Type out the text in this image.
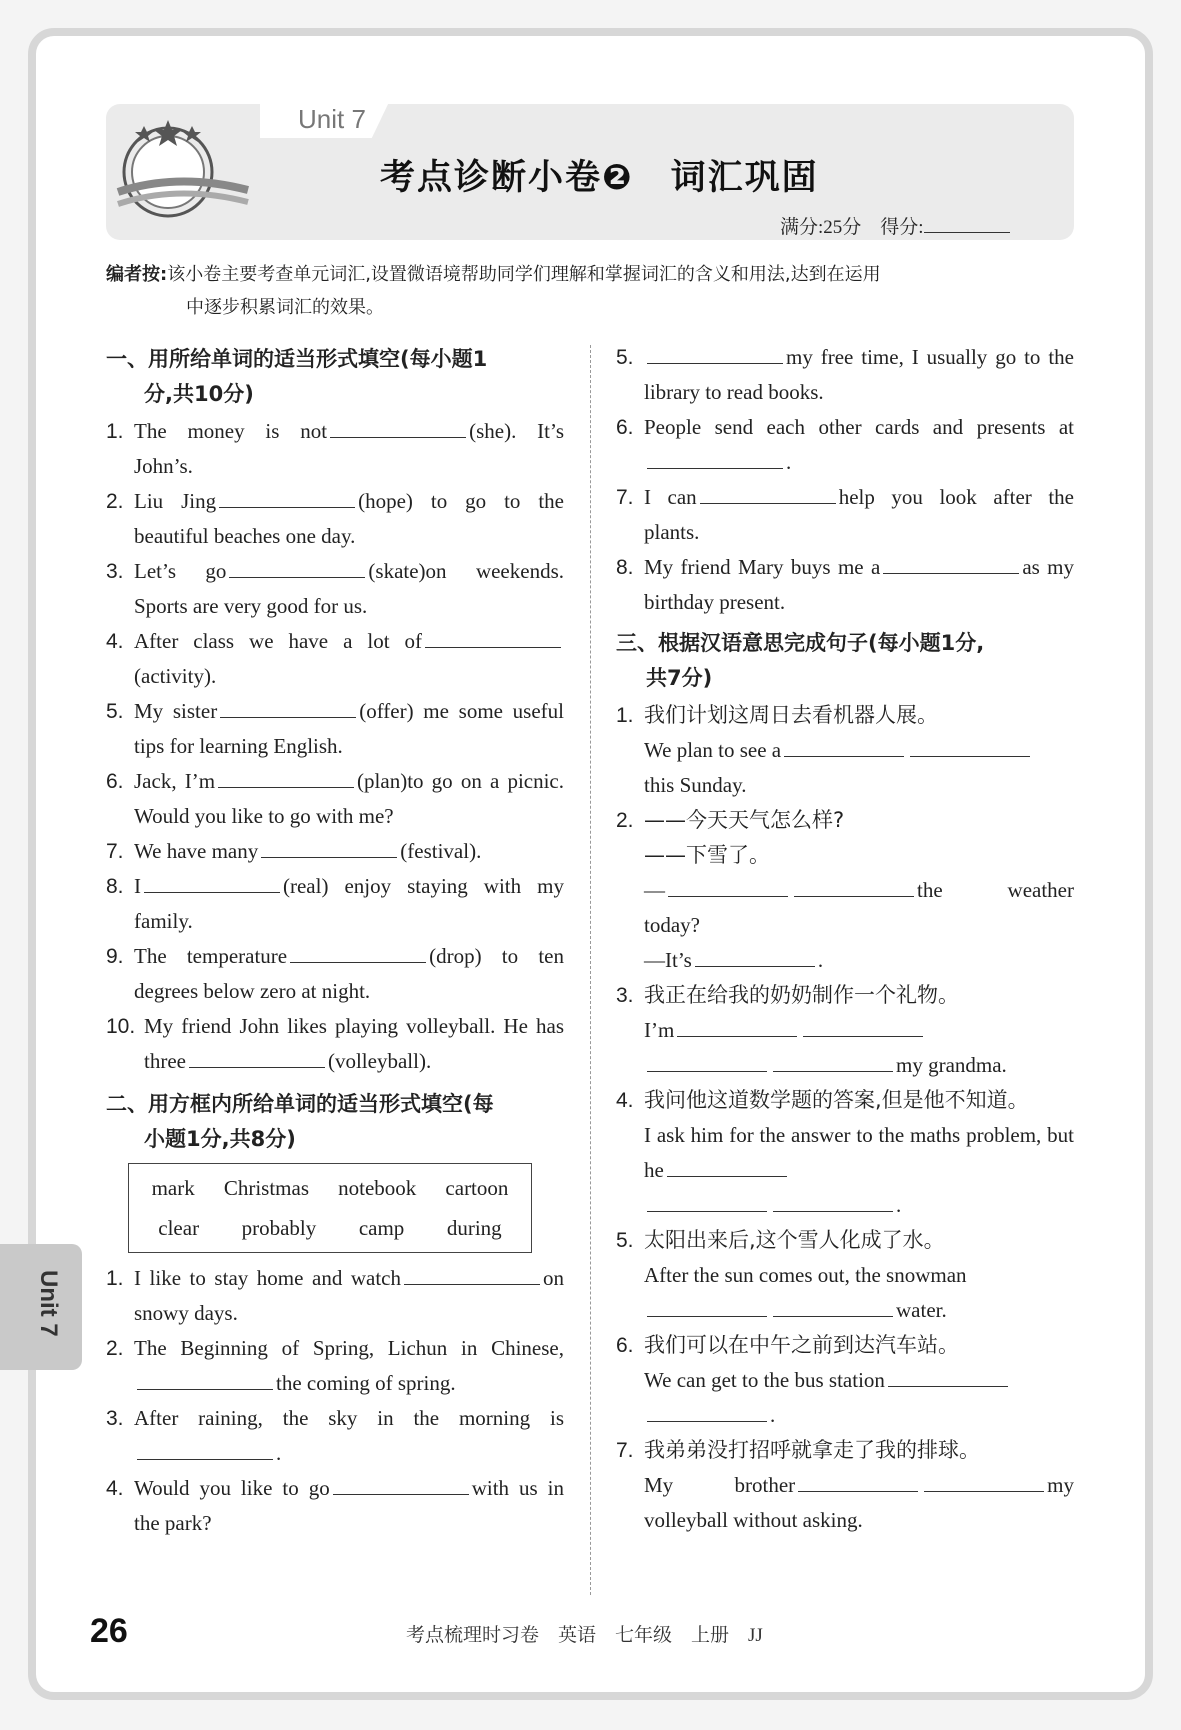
Unit 7
考点诊断小卷❷　词汇巩固
满分:25分　得分:
编者按:该小卷主要考查单元词汇,设置微语境帮助同学们理解和掌握词汇的含义和用法,达到在运用
中逐步积累词汇的效果。
一、用所给单词的适当形式填空(每小题1
分,共10分)
1. The money is not	(she). It’s John’s.
2. Liu Jing	(hope) to go to the beautiful beaches one day.
3. Let’s go	(skate)on weekends. Sports are very good for us.
4. After class we have a lot of(activity).
5. My sister	(offer) me some useful tips for learning English.
6. Jack, I’m	(plan)to go on a picnic. Would you like to go with me?
7. We have many	(festival).
8. I	(real) enjoy staying with my family.
9. The temperature	(drop) to ten degrees below zero at night.
10. My friend John likes playing volleyball. He has three	(volleyball).
二、用方框内所给单词的适当形式填空(每
小题1分,共8分)
mark Christmas notebook cartoon
clear probably camp during
1. I like to stay home and watch	on snowy days.
2. The Beginning of Spring, Lichun in Chinese,the coming of spring.
3. After raining, the sky in the morning is.
4. Would you like to go	with us in the park?
5.	my free time, I usually go to the library to read books.
6. People send each other cards and presents at.
7. I can	help you look after the plants.
8. My friend Mary buys me a	as my birthday present.
三、根据汉语意思完成句子(每小题1分,
共7分)
1. 我们计划这周日去看机器人展。
We plan to see a
this Sunday.
2. ——今天天气怎么样?
——下雪了。
—	the weather today?
—It’s	.
3. 我正在给我的奶奶制作一个礼物。
I’m
my grandma.
4. 我问他这道数学题的答案,但是他不知道。
I ask him for the answer to the maths problem, but he
.
5. 太阳出来后,这个雪人化成了水。
After the sun comes out, the snowman
water.
6. 我们可以在中午之前到达汽车站。
We can get to the bus station
.
7. 我弟弟没打招呼就拿走了我的排球。
My brother	my volleyball without asking.
Unit 7
26	考点梳理时习卷　英语　七年级　上册　JJ
